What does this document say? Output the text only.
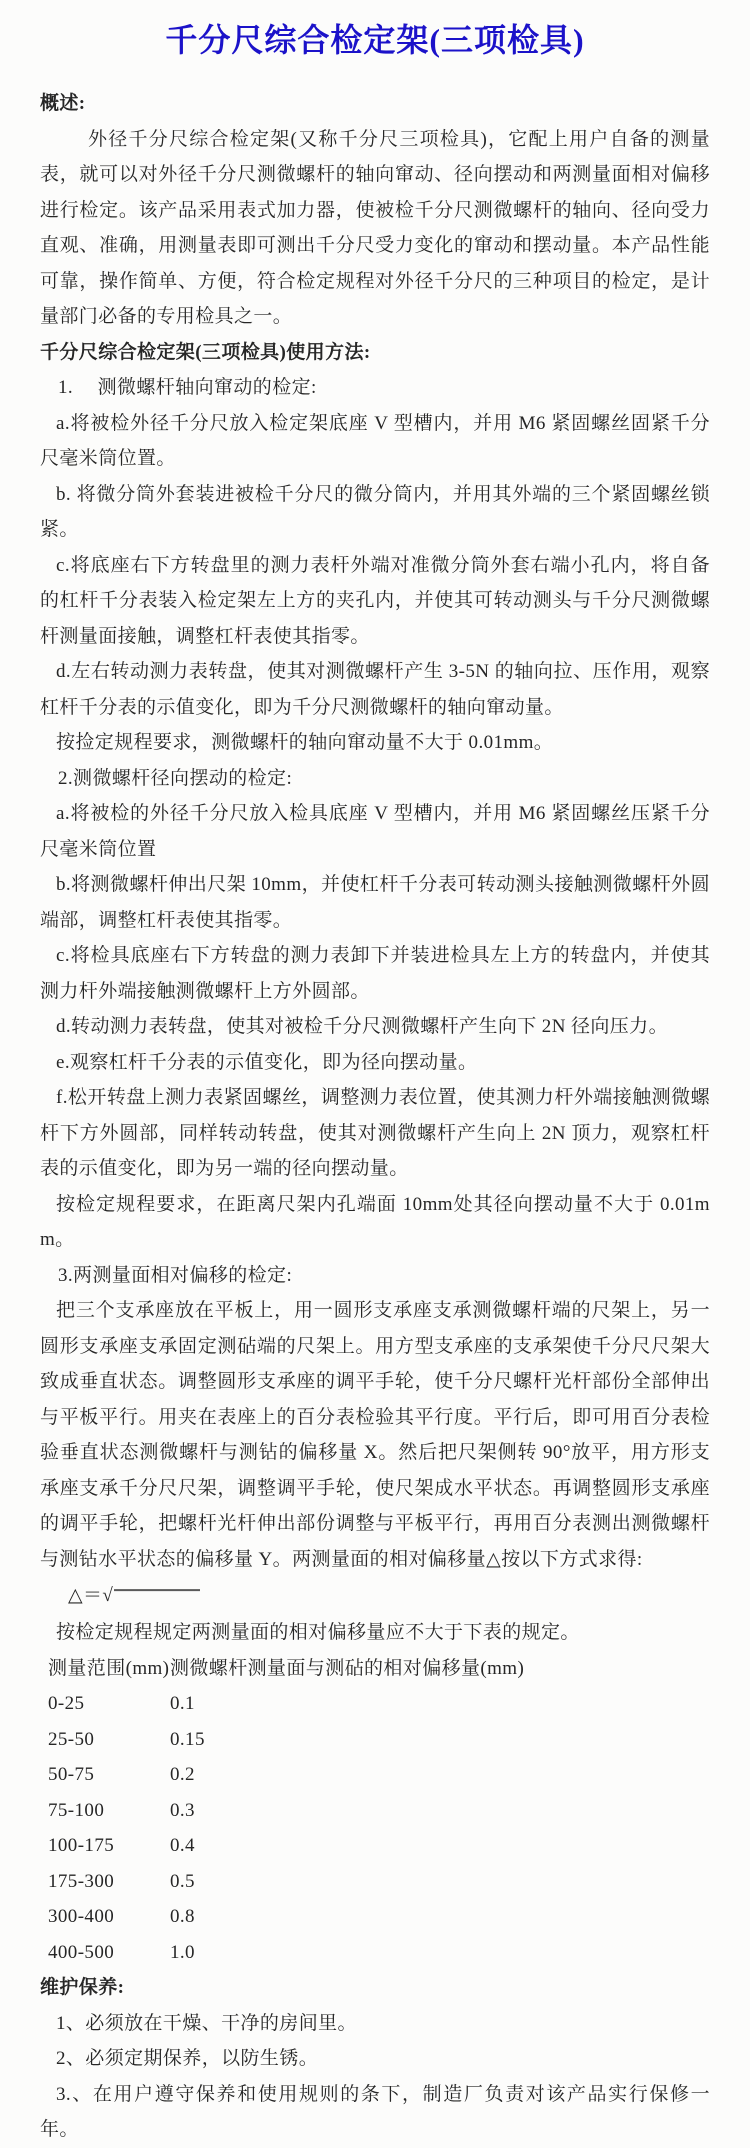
千分尺综合检定架(三项检具)
概述:

外径千分尺综合检定架(又称千分尺三项检具)，它配上用户自备的测量表，就可以对外径千分尺测微螺杆的轴向窜动、径向摆动和两测量面相对偏移进行检定。该产品采用表式加力器，使被检千分尺测微螺杆的轴向、径向受力直观、准确，用测量表即可测出千分尺受力变化的窜动和摆动量。本产品性能可靠，操作简单、方便，符合检定规程对外径千分尺的三种项目的检定，是计量部门必备的专用检具之一。

千分尺综合检定架(三项检具)使用方法:

1.　 测微螺杆轴向窜动的检定:

a.将被检外径千分尺放入检定架底座 V 型槽内，并用 M6 紧固螺丝固紧千分尺毫米筒位置。

b. 将微分筒外套装进被检千分尺的微分筒内，并用其外端的三个紧固螺丝锁紧。

c.将底座右下方转盘里的测力表杆外端对准微分筒外套右端小孔内，将自备的杠杆千分表装入检定架左上方的夹孔内，并使其可转动测头与千分尺测微螺杆测量面接触，调整杠杆表使其指零。

d.左右转动测力表转盘，使其对测微螺杆产生 3-5N 的轴向拉、压作用，观察杠杆千分表的示值变化，即为千分尺测微螺杆的轴向窜动量。

按捡定规程要求，测微螺杆的轴向窜动量不大于 0.01mm。

2.测微螺杆径向摆动的检定:

a.将被检的外径千分尺放入检具底座 V 型槽内，并用 M6 紧固螺丝压紧千分尺毫米筒位置

b.将测微螺杆伸出尺架 10mm，并使杠杆千分表可转动测头接触测微螺杆外圆端部，调整杠杆表使其指零。

c.将检具底座右下方转盘的测力表卸下并装进检具左上方的转盘内，并使其测力杆外端接触测微螺杆上方外圆部。

d.转动测力表转盘，使其对被检千分尺测微螺杆产生向下 2N 径向压力。

e.观察杠杆千分表的示值变化，即为径向摆动量。

f.松开转盘上测力表紧固螺丝，调整测力表位置，使其测力杆外端接触测微螺杆下方外圆部，同样转动转盘，使其对测微螺杆产生向上 2N 顶力，观察杠杆表的示值变化，即为另一端的径向摆动量。

按检定规程要求，在距离尺架内孔端面 10mm处其径向摆动量不大于 0.01mm。

3.两测量面相对偏移的检定:

把三个支承座放在平板上，用一圆形支承座支承测微螺杆端的尺架上，另一圆形支承座支承固定测砧端的尺架上。用方型支承座的支承架使千分尺尺架大致成垂直状态。调整圆形支承座的调平手轮，使千分尺螺杆光杆部份全部伸出与平板平行。用夹在表座上的百分表检验其平行度。平行后，即可用百分表检验垂直状态测微螺杆与测钻的偏移量 X。然后把尺架侧转 90°放平，用方形支承座支承千分尺尺架，调整调平手轮，使尺架成水平状态。再调整圆形支承座的调平手轮，把螺杆光杆伸出部份调整与平板平行，再用百分表测出测微螺杆与测钻水平状态的偏移量 Y。两测量面的相对偏移量△按以下方式求得:

△＝√

按检定规程规定两测量面的相对偏移量应不大于下表的规定。

测量范围(mm) 测微螺杆测量面与测砧的相对偏移量(mm)
0-25	0.1
25-50	0.15
50-75	0.2
75-100	0.3
100-175	0.4
175-300	0.5
300-400	0.8
400-500	1.0
维护保养:

1、必须放在干燥、干净的房间里。

2、必须定期保养，以防生锈。

3.、在用户遵守保养和使用规则的条下，制造厂负责对该产品实行保修一年。
